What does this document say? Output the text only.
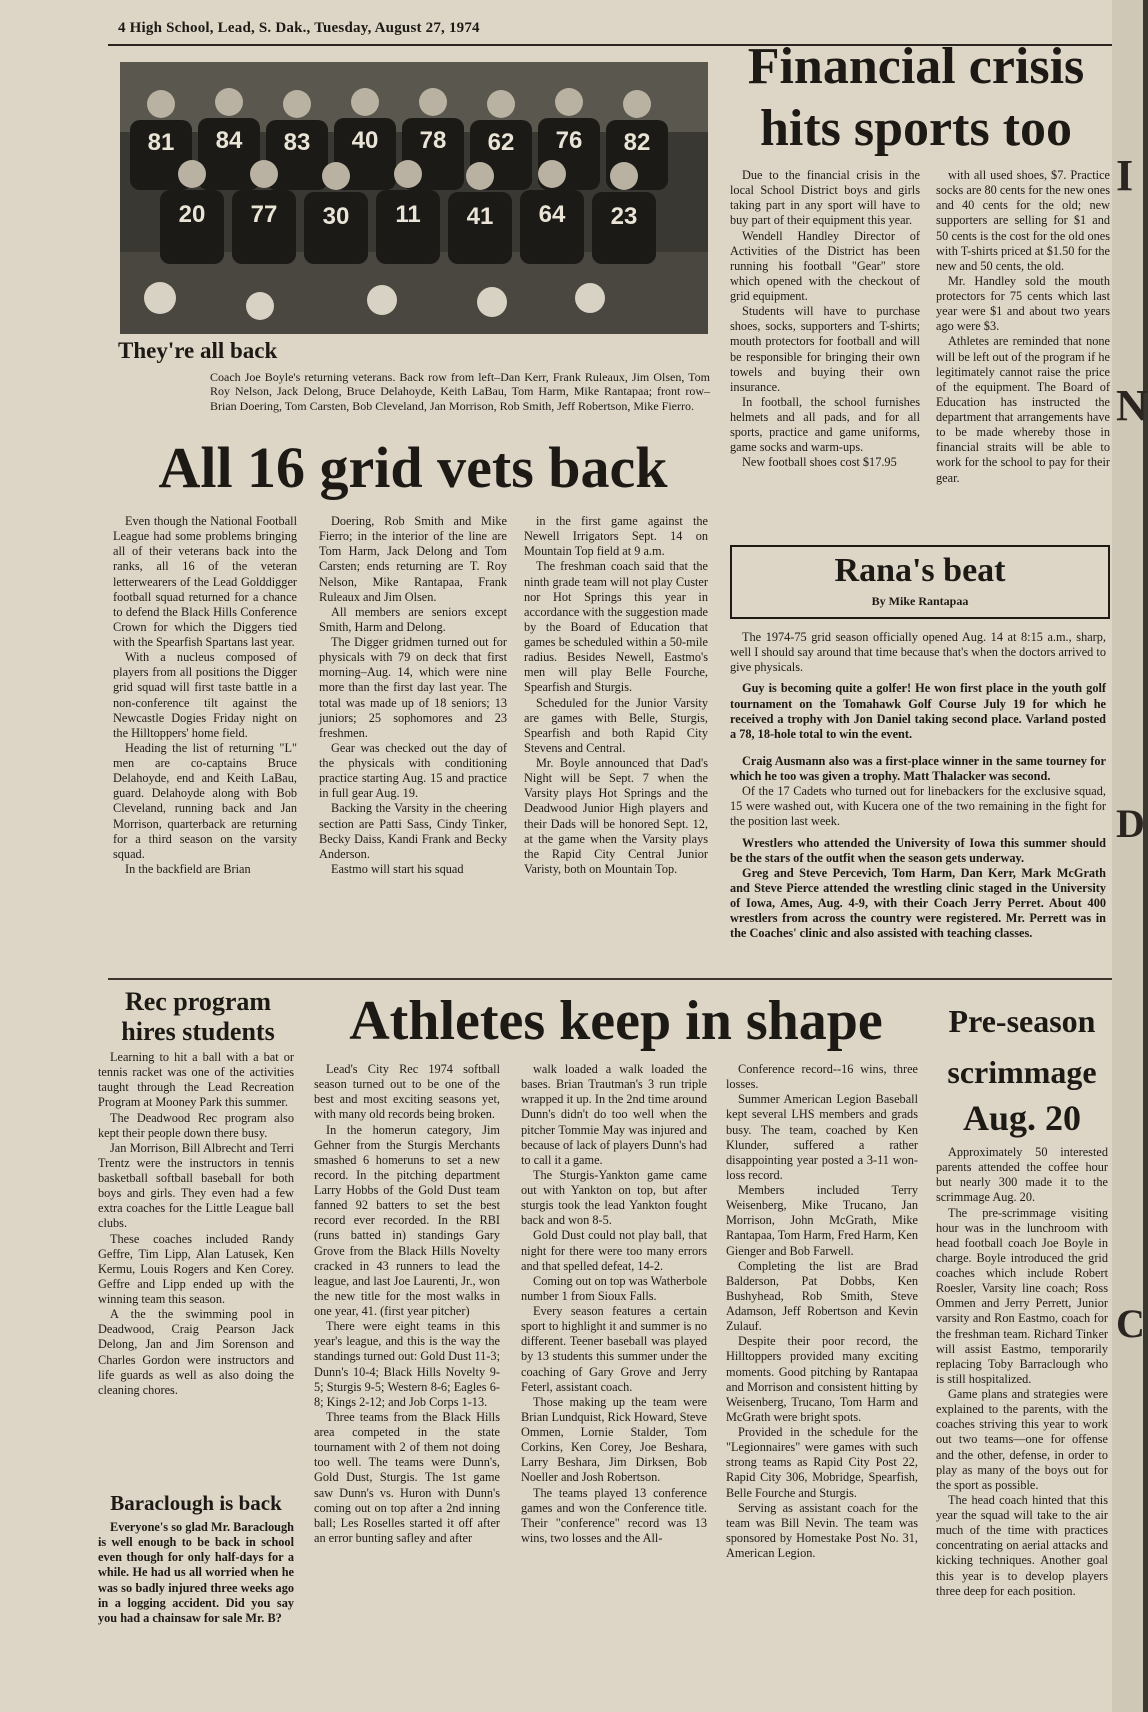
4 High School, Lead, S. Dak., Tuesday, August 27, 1974
81 84 83 40 78 62 76 82
20 77 30 11 41 64 23
They're all back
Coach Joe Boyle's returning veterans. Back row from left–Dan Kerr, Frank Ruleaux, Jim Olsen, Tom Roy Nelson, Jack Delong, Bruce Delahoyde, Keith LaBau, Tom Harm, Mike Rantapaa; front row–Brian Doering, Tom Carsten, Bob Cleveland, Jan Morrison, Rob Smith, Jeff Robertson, Mike Fierro.
All 16 grid vets back

Even though the National Football League had some problems bringing all of their veterans back into the ranks, all 16 of the veteran letterwearers of the Lead Golddigger football squad returned for a chance to defend the Black Hills Conference Crown for which the Diggers tied with the Spearfish Spartans last year.

With a nucleus composed of players from all positions the Digger grid squad will first taste battle in a non-conference tilt against the Newcastle Dogies Friday night on the Hilltoppers' home field.

Heading the list of returning "L" men are co-captains Bruce Delahoyde, end and Keith LaBau, guard. Delahoyde along with Bob Cleveland, running back and Jan Morrison, quarterback are returning for a third season on the varsity squad.

In the backfield are Brian

Doering, Rob Smith and Mike Fierro; in the interior of the line are Tom Harm, Jack Delong and Tom Carsten; ends returning are T. Roy Nelson, Mike Rantapaa, Frank Ruleaux and Jim Olsen.

All members are seniors except Smith, Harm and Delong.

The Digger gridmen turned out for physicals with 79 on deck that first morning–Aug. 14, which were nine more than the first day last year. The total was made up of 18 seniors; 13 juniors; 25 sophomores and 23 freshmen.

Gear was checked out the day of the physicals with conditioning practice starting Aug. 15 and practice in full gear Aug. 19.

Backing the Varsity in the cheering section are Patti Sass, Cindy Tinker, Becky Daiss, Kandi Frank and Becky Anderson.

Eastmo will start his squad

in the first game against the Newell Irrigators Sept. 14 on Mountain Top field at 9 a.m.

The freshman coach said that the ninth grade team will not play Custer nor Hot Springs this year in accordance with the suggestion made by the Board of Education that games be scheduled within a 50-mile radius. Besides Newell, Eastmo's men will play Belle Fourche, Spearfish and Sturgis.

Scheduled for the Junior Varsity are games with Belle, Sturgis, Spearfish and both Rapid City Stevens and Central.

Mr. Boyle announced that Dad's Night will be Sept. 7 when the Varsity plays Hot Springs and the Deadwood Junior High players and their Dads will be honored Sept. 12, at the game when the Varsity plays the Rapid City Central Junior Varisty, both on Mountain Top.

Financial crisis
hits sports too

Due to the financial crisis in the local School District boys and girls taking part in any sport will have to buy part of their equipment this year.

Wendell Handley Director of Activities of the District has been running his football "Gear" store which opened with the checkout of grid equipment.

Students will have to purchase shoes, socks, supporters and T-shirts; mouth protectors for football and will be responsible for bringing their own towels and buying their own insurance.

In football, the school furnishes helmets and all pads, and for all sports, practice and game uniforms, game socks and warm-ups.

New football shoes cost $17.95

with all used shoes, $7. Practice socks are 80 cents for the new ones and 40 cents for the old; new supporters are selling for $1 and 50 cents is the cost for the old ones with T-shirts priced at $1.50 for the new and 50 cents, the old.

Mr. Handley sold the mouth protectors for 75 cents which last year were $1 and about two years ago were $3.

Athletes are reminded that none will be left out of the program if he legitimately cannot raise the price of the equipment. The Board of Education has instructed the department that arrangements have to be made whereby those in financial straits will be able to work for the school to pay for their gear.

Rana's beat
By Mike Rantapaa

The 1974-75 grid season officially opened Aug. 14 at 8:15 a.m., sharp, well I should say around that time because that's when the doctors arrived to give physicals.

Guy is becoming quite a golfer! He won first place in the youth golf tournament on the Tomahawk Golf Course July 19 for which he received a trophy with Jon Daniel taking second place. Varland posted a 78, 18-hole total to win the event.

Craig Ausmann also was a first-place winner in the same tourney for which he too was given a trophy. Matt Thalacker was second.

Of the 17 Cadets who turned out for linebackers for the exclusive squad, 15 were washed out, with Kucera one of the two remaining in the fight for the position last week.

Wrestlers who attended the University of Iowa this summer should be the stars of the outfit when the season gets underway.

Greg and Steve Percevich, Tom Harm, Dan Kerr, Mark McGrath and Steve Pierce attended the wrestling clinic staged in the University of Iowa, Ames, Aug. 4-9, with their Coach Jerry Perret. About 400 wrestlers from across the country were registered. Mr. Perrett was in the Coaches' clinic and also assisted with teaching classes.

Rec program
hires students

Learning to hit a ball with a bat or tennis racket was one of the activities taught through the Lead Recreation Program at Mooney Park this summer.

The Deadwood Rec program also kept their people down there busy.

Jan Morrison, Bill Albrecht and Terri Trentz were the instructors in tennis basketball softball baseball for both boys and girls. They even had a few extra coaches for the Little League ball clubs.

These coaches included Randy Geffre, Tim Lipp, Alan Latusek, Ken Kermu, Louis Rogers and Ken Corey. Geffre and Lipp ended up with the winning team this season.

A the the swimming pool in Deadwood, Craig Pearson Jack Delong, Jan and Jim Sorenson and Charles Gordon were instructors and life guards as well as also doing the cleaning chores.

Baraclough is back

Everyone's so glad Mr. Baraclough is well enough to be back in school even though for only half-days for a while. He had us all worried when he was so badly injured three weeks ago in a logging accident. Did you say you had a chainsaw for sale Mr. B?

Athletes keep in shape

Lead's City Rec 1974 softball season turned out to be one of the best and most exciting seasons yet, with many old records being broken.

In the homerun category, Jim Gehner from the Sturgis Merchants smashed 6 homeruns to set a new record. In the pitching department Larry Hobbs of the Gold Dust team fanned 92 batters to set the best record ever recorded. In the RBI (runs batted in) standings Gary Grove from the Black Hills Novelty cracked in 43 runners to lead the league, and last Joe Laurenti, Jr., won the new title for the most walks in one year, 41. (first year pitcher)

There were eight teams in this year's league, and this is the way the standings turned out: Gold Dust 11-3; Dunn's 10-4; Black Hills Novelty 9-5; Sturgis 9-5; Western 8-6; Eagles 6-8; Kings 2-12; and Job Corps 1-13.

Three teams from the Black Hills area competed in the state tournament with 2 of them not doing too well. The teams were Dunn's, Gold Dust, Sturgis. The 1st game saw Dunn's vs. Huron with Dunn's coming out on top after a 2nd inning ball; Les Roselles started it off after an error bunting safley and after

walk loaded a walk loaded the bases. Brian Trautman's 3 run triple wrapped it up. In the 2nd time around Dunn's didn't do too well when the pitcher Tommie May was injured and because of lack of players Dunn's had to call it a game.

The Sturgis-Yankton game came out with Yankton on top, but after sturgis took the lead Yankton fought back and won 8-5.

Gold Dust could not play ball, that night for there were too many errors and that spelled defeat, 14-2.

Coming out on top was Watherbole number 1 from Sioux Falls.

Every season features a certain sport to highlight it and summer is no different. Teener baseball was played by 13 students this summer under the coaching of Gary Grove and Jerry Feterl, assistant coach.

Those making up the team were Brian Lundquist, Rick Howard, Steve Ommen, Lornie Stalder, Tom Corkins, Ken Corey, Joe Beshara, Larry Beshara, Jim Dirksen, Bob Noeller and Josh Robertson.

The teams played 13 conference games and won the Conference title. Their "conference" record was 13 wins, two losses and the All-

Conference record--16 wins, three losses.

Summer American Legion Baseball kept several LHS members and grads busy. The team, coached by Ken Klunder, suffered a rather disappointing year posted a 3-11 won-loss record.

Members included Terry Weisenberg, Mike Trucano, Jan Morrison, John McGrath, Mike Rantapaa, Tom Harm, Fred Harm, Ken Gienger and Bob Farwell.

Completing the list are Brad Balderson, Pat Dobbs, Ken Bushyhead, Rob Smith, Steve Adamson, Jeff Robertson and Kevin Zulauf.

Despite their poor record, the Hilltoppers provided many exciting moments. Good pitching by Rantapaa and Morrison and consistent hitting by Weisenberg, Trucano, Tom Harm and McGrath were bright spots.

Provided in the schedule for the "Legionnaires" were games with such strong teams as Rapid City Post 22, Rapid City 306, Mobridge, Spearfish, Belle Fourche and Sturgis.

Serving as assistant coach for the team was Bill Nevin. The team was sponsored by Homestake Post No. 31, American Legion.

Pre-season
scrimmage
Aug. 20

Approximately 50 interested parents attended the coffee hour but nearly 300 made it to the scrimmage Aug. 20.

The pre-scrimmage visiting hour was in the lunchroom with head football coach Joe Boyle in charge. Boyle introduced the grid coaches which include Robert Roesler, Varsity line coach; Ross Ommen and Jerry Perrett, Junior varsity and Ron Eastmo, coach for the freshman team. Richard Tinker will assist Eastmo, temporarily replacing Toby Barraclough who is still hospitalized.

Game plans and strategies were explained to the parents, with the coaches striving this year to work out two teams—one for offense and the other, defense, in order to play as many of the boys out for the sport as possible.

The head coach hinted that this year the squad will take to the air much of the time with practices concentrating on aerial attacks and kicking techniques. Another goal this year is to develop players three deep for each position.

I
N
D
C
